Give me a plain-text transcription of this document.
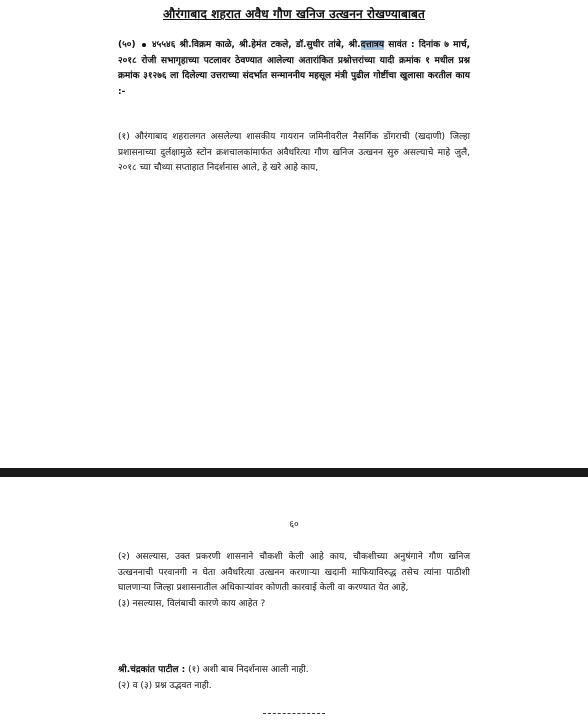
औरंगाबाद शहरात अवैध गौण खनिज उत्खनन रोखण्याबाबत
(५०) ४५५४६ श्री.विक्रम काळे, श्री.हेमंत टकले, डॉ.सुधीर तांबे, श्री.दत्तात्रय सावंत : दिनांक ७ मार्च, २०१८ रोजी सभागृहाच्या पटलावर ठेवण्यात आलेल्या अतारांकित प्रश्नोत्तरांच्या यादी क्रमांक १ मधील प्रश्न क्रमांक ३१२७६ ला दिलेल्या उत्तराच्या संदर्भात सन्माननीय महसूल मंत्री पुढील गोष्टींचा खुलासा करतील काय :-
(१) औरंगाबाद शहरालगत असलेल्या शासकीय गायरान जमिनीवरील नैसर्गिक डोंगराची (खदाणी) जिल्हा प्रशासनाच्या दुर्लक्षामुळे स्टोन क्रशचालकांमार्फत अवैधरित्या गौण खनिज उत्खनन सुरु असल्याचे माहे जुलै, २०१८ च्या चौथ्या सप्ताहात निदर्शनास आले, हे खरे आहे काय,
६०
(२) असल्यास, उक्त प्रकरणी शासनाने चौकशी केली आहे काय, चौकशीच्या अनुषंगाने गौण खनिज उत्खननाची परवानगी न घेता अवैधरित्या उत्खनन करणाऱ्या खदानी माफियाविरुद्ध तसेच त्यांना पाठीशी घालणाऱ्या जिल्हा प्रशासनातील अधिकाऱ्यांवर कोणती कारवाई केली वा करण्यात येत आहे,
(३) नसल्यास, विलंबाची कारणे काय आहेत ?
श्री.चंद्रकांत पाटील : (१) अशी बाब निदर्शनास आली नाही.
(२) व (३) प्रश्न उद्भवत नाही.
